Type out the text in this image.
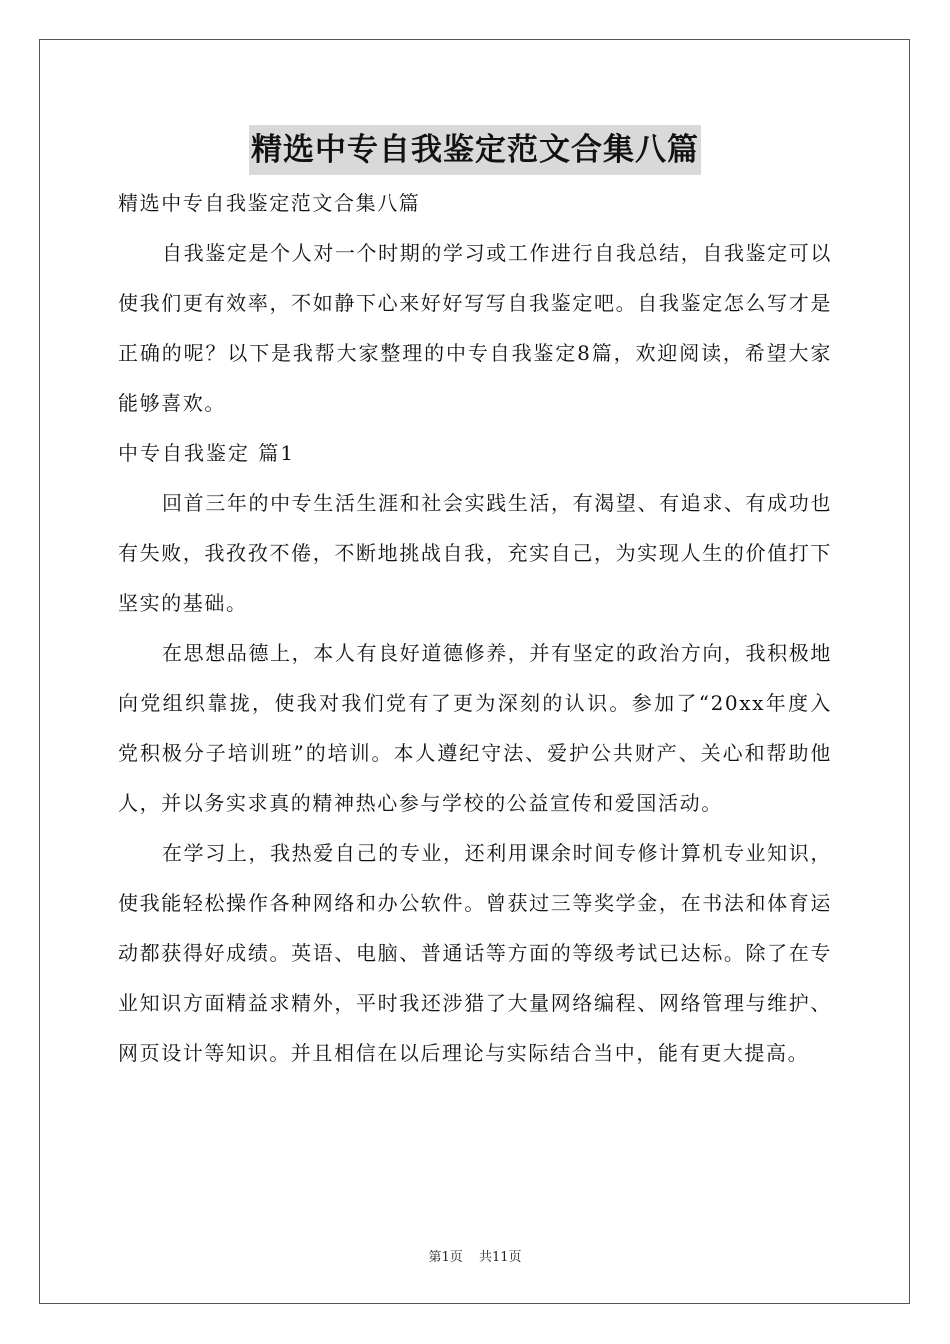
精选中专自我鉴定范文合集八篇

精选中专自我鉴定范文合集八篇

自我鉴定是个人对一个时期的学习或工作进行自我总结，自我鉴定可以使我们更有效率，不如静下心来好好写写自我鉴定吧。自我鉴定怎么写才是正确的呢？以下是我帮大家整理的中专自我鉴定8篇，欢迎阅读，希望大家能够喜欢。

中专自我鉴定 篇1

回首三年的中专生活生涯和社会实践生活，有渴望、有追求、有成功也有失败，我孜孜不倦，不断地挑战自我，充实自己，为实现人生的价值打下坚实的基础。

在思想品德上，本人有良好道德修养，并有坚定的政治方向，我积极地向党组织靠拢，使我对我们党有了更为深刻的认识。参加了“20xx年度入党积极分子培训班”的培训。本人遵纪守法、爱护公共财产、关心和帮助他人，并以务实求真的精神热心参与学校的公益宣传和爱国活动。

在学习上，我热爱自己的专业，还利用课余时间专修计算机专业知识，使我能轻松操作各种网络和办公软件。曾获过三等奖学金，在书法和体育运动都获得好成绩。英语、电脑、普通话等方面的等级考试已达标。除了在专业知识方面精益求精外，平时我还涉猎了大量网络编程、网络管理与维护、网页设计等知识。并且相信在以后理论与实际结合当中，能有更大提高。

第1页 共11页
